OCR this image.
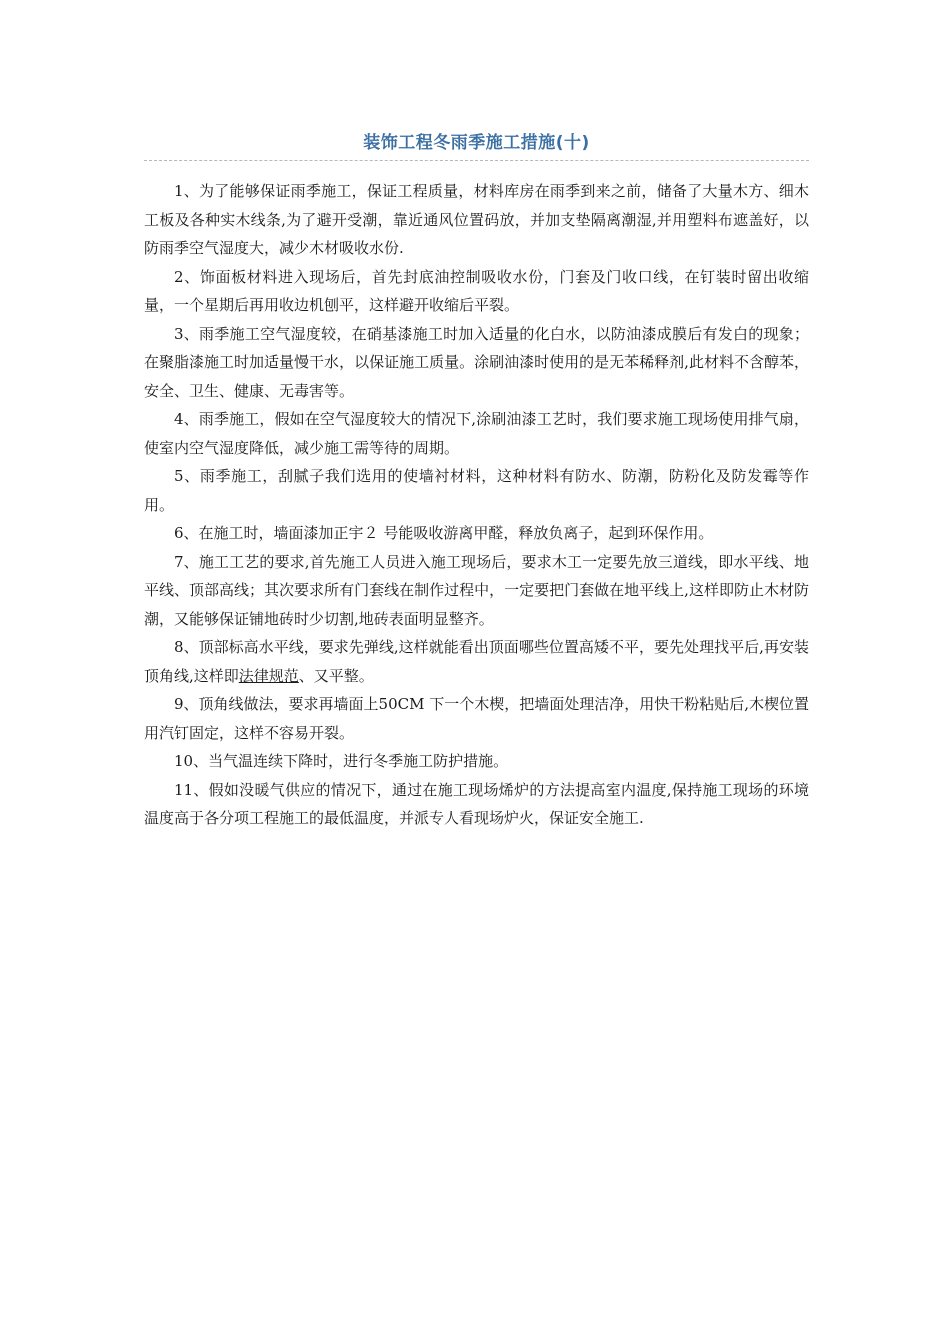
装饰工程冬雨季施工措施(十)

1、为了能够保证雨季施工，保证工程质量，材料库房在雨季到来之前，储备了大量木方、细木工板及各种实木线条,为了避开受潮，靠近通风位置码放，并加支垫隔离潮湿,并用塑料布遮盖好，以防雨季空气湿度大，减少木材吸收水份.

2、饰面板材料进入现场后，首先封底油控制吸收水份，门套及门收口线，在钉装时留出收缩量，一个星期后再用收边机刨平，这样避开收缩后平裂。

3、雨季施工空气湿度较，在硝基漆施工时加入适量的化白水，以防油漆成膜后有发白的现象；在聚脂漆施工时加适量慢干水，以保证施工质量。涂刷油漆时使用的是无苯稀释剂,此材料不含醇苯，安全、卫生、健康、无毒害等。

4、雨季施工，假如在空气湿度较大的情况下,涂刷油漆工艺时，我们要求施工现场使用排气扇，使室内空气湿度降低，减少施工需等待的周期。

5、雨季施工，刮腻子我们选用的使墙衬材料，这种材料有防水、防潮，防粉化及防发霉等作用。

6、在施工时，墙面漆加正宇２ 号能吸收游离甲醛，释放负离子，起到环保作用。

7、施工工艺的要求,首先施工人员进入施工现场后，要求木工一定要先放三道线，即水平线、地平线、顶部高线；其次要求所有门套线在制作过程中，一定要把门套做在地平线上,这样即防止木材防潮，又能够保证铺地砖时少切割,地砖表面明显整齐。

8、顶部标高水平线，要求先弹线,这样就能看出顶面哪些位置高矮不平，要先处理找平后,再安装顶角线,这样即法律规范、又平整。

9、顶角线做法，要求再墙面上50CM 下一个木楔，把墙面处理洁净，用快干粉粘贴后,木楔位置用汽钉固定，这样不容易开裂。

10、当气温连续下降时，进行冬季施工防护措施。

11、假如没暖气供应的情况下，通过在施工现场烯炉的方法提高室内温度,保持施工现场的环境温度高于各分项工程施工的最低温度，并派专人看现场炉火，保证安全施工.
